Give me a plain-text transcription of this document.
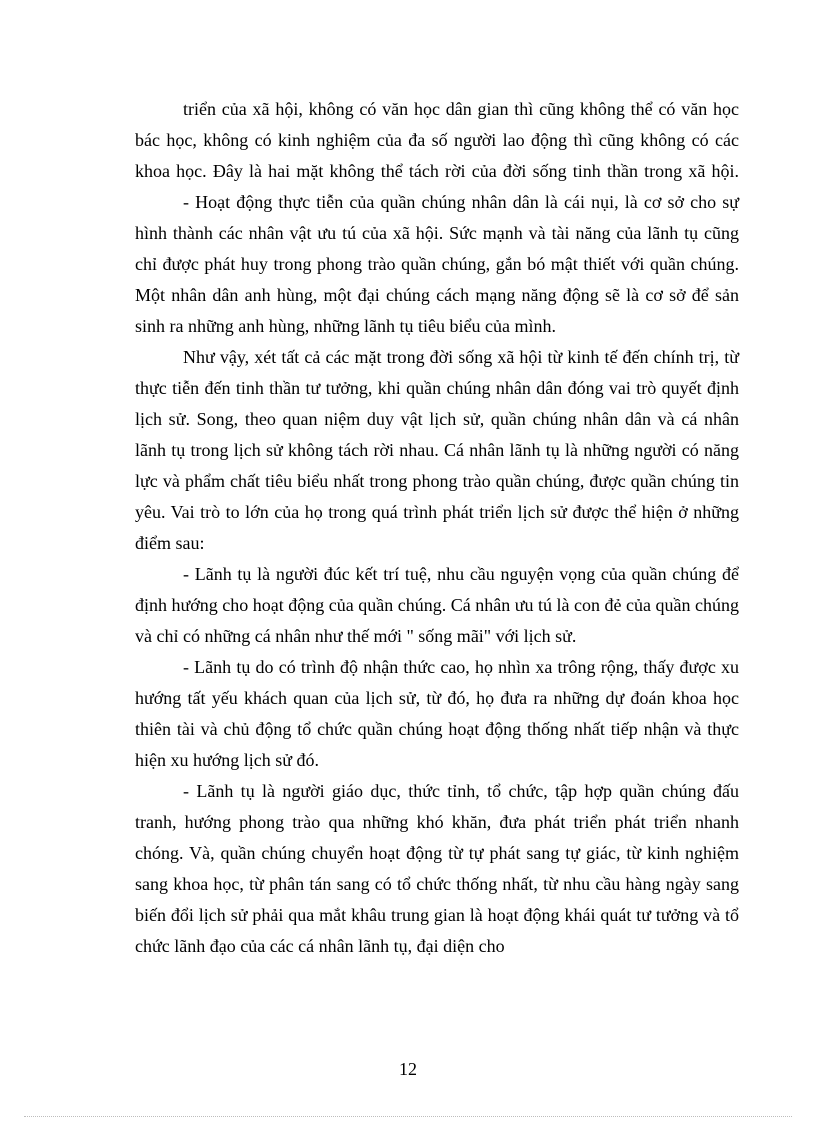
triển của xã hội, không có văn học dân gian thì cũng không thể có văn học bác học, không có kinh nghiệm của đa số người lao động thì cũng không có các khoa học. Đây là hai mặt không thể tách rời của đời sống tinh thần trong xã hội.

- Hoạt động thực tiễn của quần chúng nhân dân là cái nụi, là cơ sở cho sự hình thành các nhân vật ưu tú của xã hội. Sức mạnh và tài năng của lãnh tụ cũng chỉ được phát huy trong phong trào quần chúng, gắn bó mật thiết với quần chúng. Một nhân dân anh hùng, một đại chúng cách mạng năng động sẽ là cơ sở để sản sinh ra những anh hùng, những lãnh tụ tiêu biểu của mình.

Như vậy, xét tất cả các mặt trong đời sống xã hội từ kinh tế đến chính trị, từ thực tiễn đến tinh thần tư tưởng, khi quần chúng nhân dân đóng vai trò quyết định lịch sử. Song, theo quan niệm duy vật lịch sử, quần chúng nhân dân và cá nhân lãnh tụ trong lịch sử không tách rời nhau. Cá nhân lãnh tụ là những người có năng lực và phẩm chất tiêu biểu nhất trong phong trào quần chúng, được quần chúng tin yêu. Vai trò to lớn của họ trong quá trình phát triển lịch sử được thể hiện ở những điểm sau:

- Lãnh tụ là người đúc kết trí tuệ, nhu cầu nguyện vọng của quần chúng để định hướng cho hoạt động của quần chúng. Cá nhân ưu tú là con đẻ của quần chúng và chỉ có những cá nhân như thế mới " sống mãi" với lịch sử.

- Lãnh tụ do có trình độ nhận thức cao, họ nhìn xa trông rộng, thấy được xu hướng tất yếu khách quan của lịch sử, từ đó, họ đưa ra những dự đoán khoa học thiên tài và chủ động tổ chức quần chúng hoạt động thống nhất tiếp nhận và thực hiện xu hướng lịch sử đó.

- Lãnh tụ là người giáo dục, thức tỉnh, tổ chức, tập hợp quần chúng đấu tranh, hướng phong trào qua những khó khăn, đưa phát triển phát triển nhanh chóng. Và, quần chúng chuyển hoạt động từ tự phát sang tự giác, từ kinh nghiệm sang khoa học, từ phân tán sang có tổ chức thống nhất, từ nhu cầu hàng ngày sang biến đổi lịch sử phải qua mắt khâu trung gian là hoạt động khái quát tư tưởng và tổ chức lãnh đạo của các cá nhân lãnh tụ, đại diện cho

12
